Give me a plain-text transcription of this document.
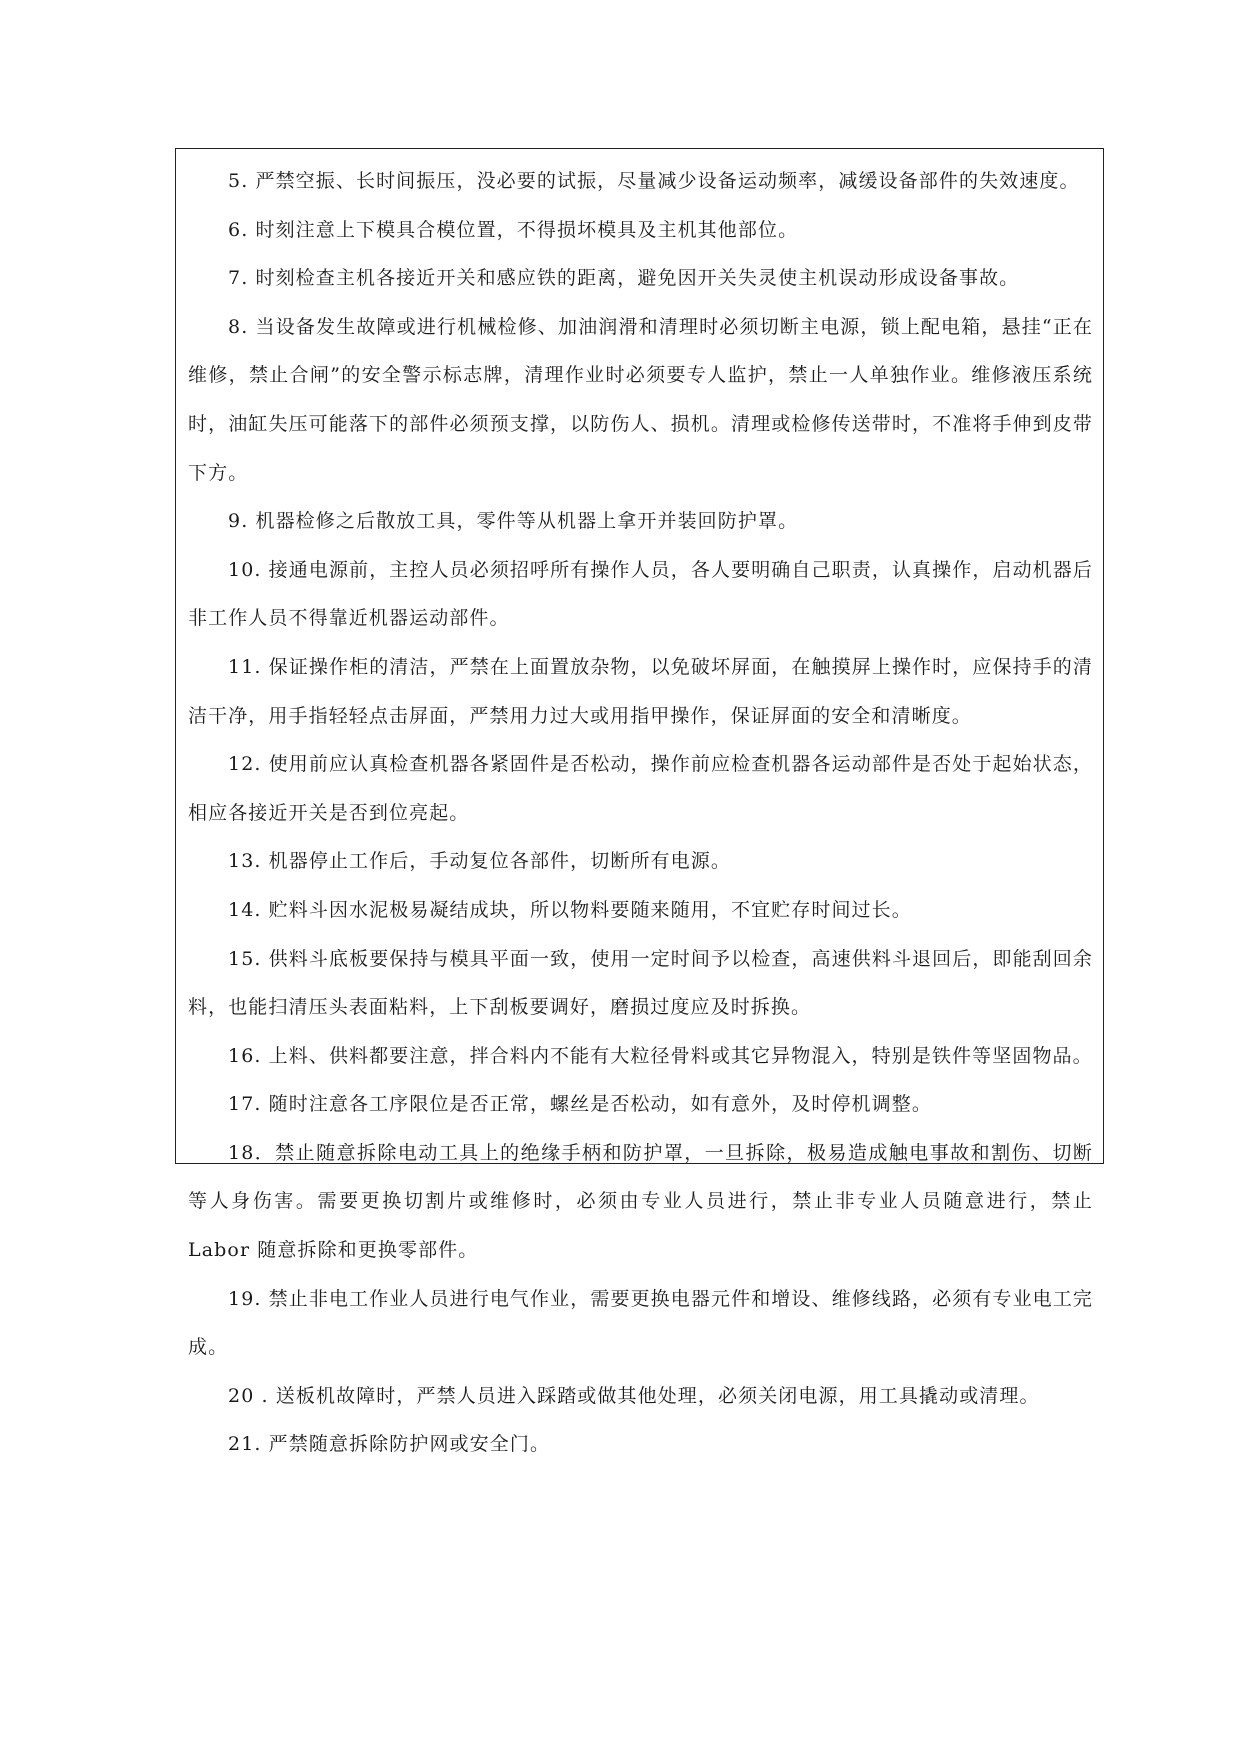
5. 严禁空振、长时间振压，没必要的试振，尽量减少设备运动频率，减缓设备部件的失效速度。

6. 时刻注意上下模具合模位置，不得损坏模具及主机其他部位。

7. 时刻检查主机各接近开关和感应铁的距离，避免因开关失灵使主机误动形成设备事故。

8. 当设备发生故障或进行机械检修、加油润滑和清理时必须切断主电源，锁上配电箱，悬挂“正在维修，禁止合闸”的安全警示标志牌，清理作业时必须要专人监护，禁止一人单独作业。维修液压系统时，油缸失压可能落下的部件必须预支撑，以防伤人、损机。清理或检修传送带时，不准将手伸到皮带下方。

9. 机器检修之后散放工具，零件等从机器上拿开并装回防护罩。

10. 接通电源前，主控人员必须招呼所有操作人员，各人要明确自己职责，认真操作，启动机器后非工作人员不得靠近机器运动部件。

11. 保证操作柜的清洁，严禁在上面置放杂物，以免破坏屏面，在触摸屏上操作时，应保持手的清洁干净，用手指轻轻点击屏面，严禁用力过大或用指甲操作，保证屏面的安全和清晰度。

12. 使用前应认真检查机器各紧固件是否松动，操作前应检查机器各运动部件是否处于起始状态，相应各接近开关是否到位亮起。

13. 机器停止工作后，手动复位各部件，切断所有电源。

14. 贮料斗因水泥极易凝结成块，所以物料要随来随用，不宜贮存时间过长。

15. 供料斗底板要保持与模具平面一致，使用一定时间予以检查，高速供料斗退回后，即能刮回余料，也能扫清压头表面粘料，上下刮板要调好，磨损过度应及时拆换。

16. 上料、供料都要注意，拌合料内不能有大粒径骨料或其它异物混入，特别是铁件等坚固物品。

17. 随时注意各工序限位是否正常，螺丝是否松动，如有意外，及时停机调整。

18．禁止随意拆除电动工具上的绝缘手柄和防护罩，一旦拆除，极易造成触电事故和割伤、切断等人身伤害。需要更换切割片或维修时，必须由专业人员进行，禁止非专业人员随意进行，禁止 Labor 随意拆除和更换零部件。

19. 禁止非电工作业人员进行电气作业，需要更换电器元件和增设、维修线路，必须有专业电工完成。

20 . 送板机故障时，严禁人员进入踩踏或做其他处理，必须关闭电源，用工具撬动或清理。

21. 严禁随意拆除防护网或安全门。
